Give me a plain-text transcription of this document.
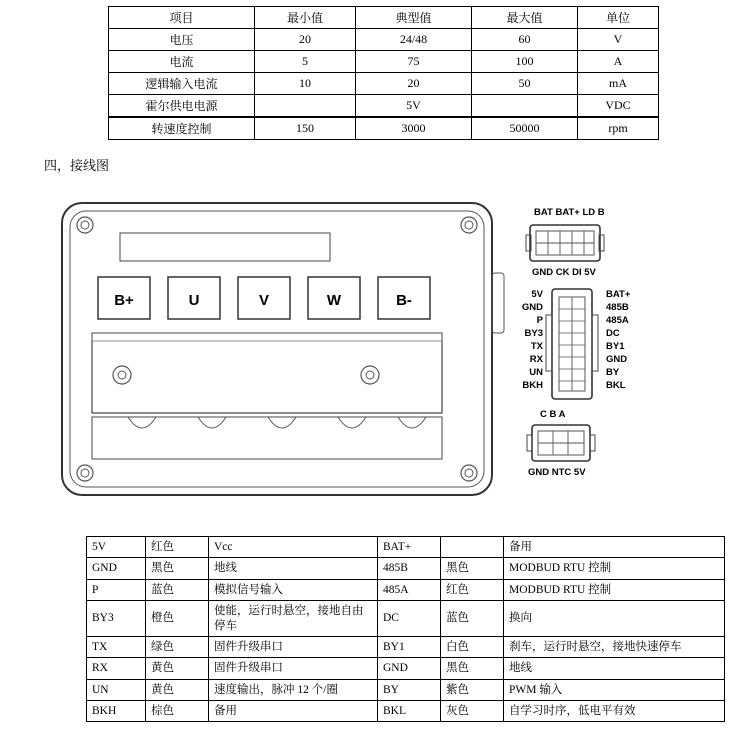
项目	最小值	典型值	最大值	单位
电压	20	24/48	60	V
电流	5	75	100	A
逻辑输入电流	10	20	50	mA
霍尔供电电源		5V		VDC
转速度控制	150	3000	50000	rpm
四，接线图
B+	U	V	W	B-
BAT BAT+ LD B
GND CK DI 5V
5V
GND
P
BY3
TX
RX
UN
BKH
BAT+
485B
485A
DC
BY1
GND
BY
BKL
C B A
GND NTC 5V
5V	红色	Vcc	BAT+		备用
GND	黑色	地线	485B	黑色	MODBUD RTU 控制
P	蓝色	模拟信号输入	485A	红色	MODBUD RTU 控制
BY3	橙色	使能，运行时悬空，接地自由停车	DC	蓝色	换向
TX	绿色	固件升级串口	BY1	白色	刹车，运行时悬空，接地快速停车
RX	黄色	固件升级串口	GND	黑色	地线
UN	黄色	速度输出，脉冲 12 个/圈	BY	紫色	PWM 输入
BKH	棕色	备用	BKL	灰色	自学习时序，低电平有效
